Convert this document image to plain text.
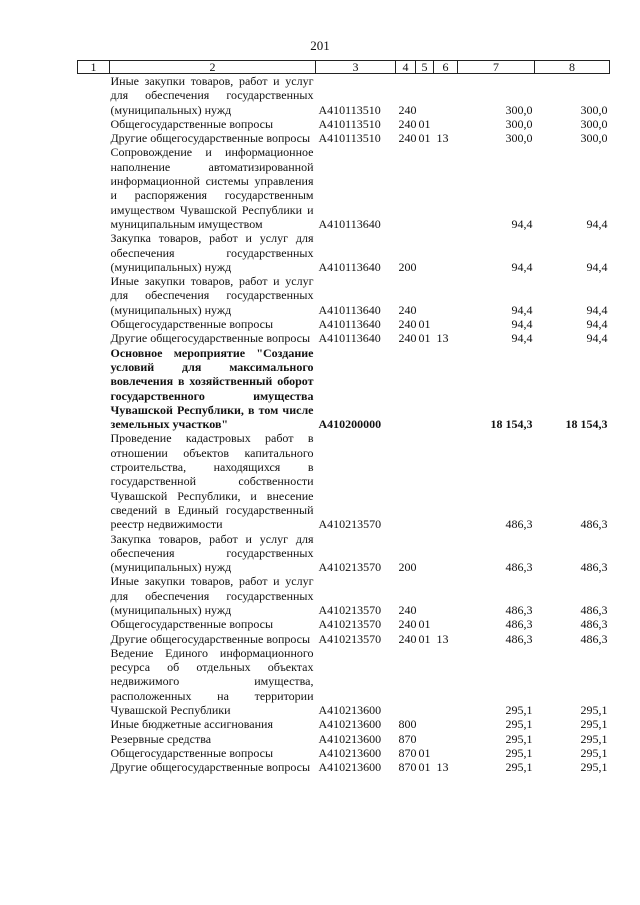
201
1	2	3	4	5	6	7	8
	Иные закупки товаров, работ и услуг для обеспечения государственных (муниципальных) нужд	A410113510	240			300,0	300,0
	Общегосударственные вопросы	A410113510	240	01		300,0	300,0
	Другие общегосударственные вопросы	A410113510	240	01	13	300,0	300,0
	Сопровождение и информационное наполнение автоматизированной информационной системы управления и распоряжения государственным имуществом Чувашской Республики и муниципальным имуществом	A410113640				94,4	94,4
	Закупка товаров, работ и услуг для обеспечения государственных (муниципальных) нужд	A410113640	200			94,4	94,4
	Иные закупки товаров, работ и услуг для обеспечения государственных (муниципальных) нужд	A410113640	240			94,4	94,4
	Общегосударственные вопросы	A410113640	240	01		94,4	94,4
	Другие общегосударственные вопросы	A410113640	240	01	13	94,4	94,4
	Основное мероприятие "Создание условий для максимального вовлечения в хозяйственный оборот государственного имущества Чувашской Республики, в том числе земельных участков"	A410200000				18 154,3	18 154,3
	Проведение кадастровых работ в отношении объектов капитального строительства, находящихся в государственной собственности Чувашской Республики, и внесение сведений в Единый государственный реестр недвижимости	A410213570				486,3	486,3
	Закупка товаров, работ и услуг для обеспечения государственных (муниципальных) нужд	A410213570	200			486,3	486,3
	Иные закупки товаров, работ и услуг для обеспечения государственных (муниципальных) нужд	A410213570	240			486,3	486,3
	Общегосударственные вопросы	A410213570	240	01		486,3	486,3
	Другие общегосударственные вопросы	A410213570	240	01	13	486,3	486,3
	Ведение Единого информационного ресурса об отдельных объектах недвижимого имущества, расположенных на территории Чувашской Республики	A410213600				295,1	295,1
	Иные бюджетные ассигнования	A410213600	800			295,1	295,1
	Резервные средства	A410213600	870			295,1	295,1
	Общегосударственные вопросы	A410213600	870	01		295,1	295,1
	Другие общегосударственные вопросы	A410213600	870	01	13	295,1	295,1
